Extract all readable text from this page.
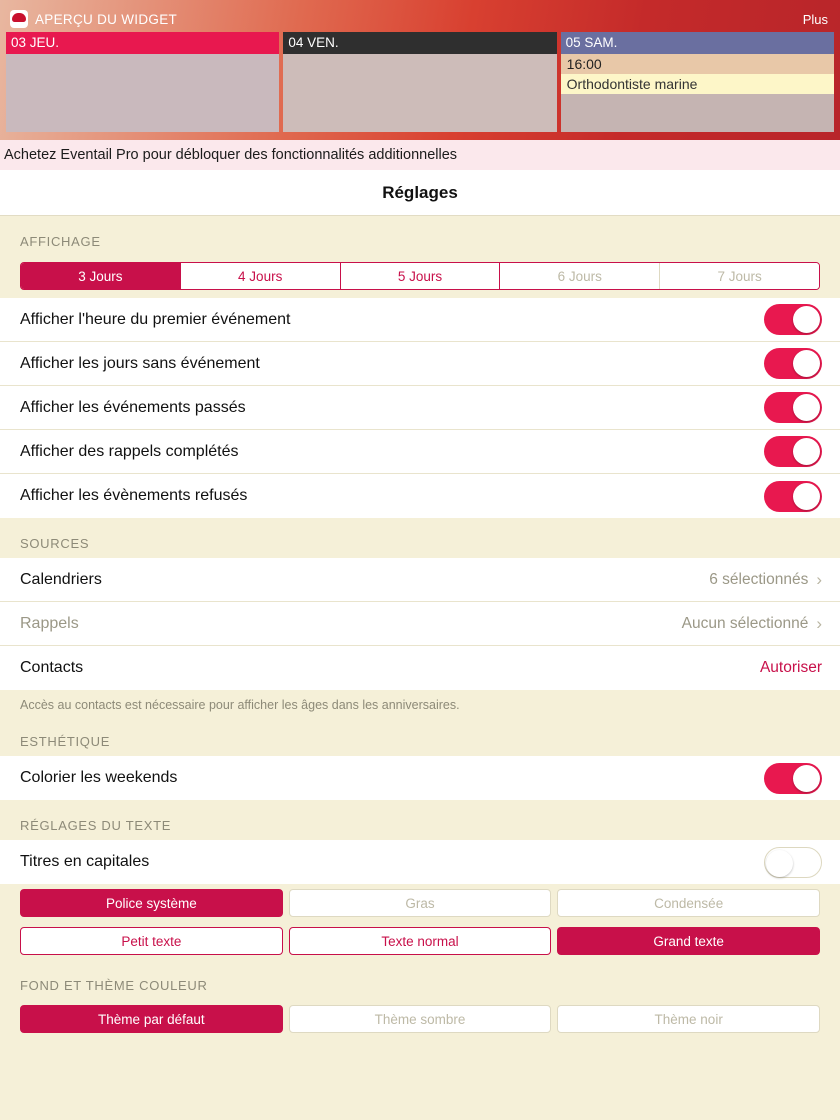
APERÇU DU WIDGET	Plus
03 JEU.	04 VEN.	05 SAM.
16:00
Orthodontiste marine
Achetez Eventail Pro pour débloquer des fonctionnalités additionnelles
Réglages
AFFICHAGE
3 Jours	4 Jours	5 Jours	6 Jours	7 Jours
Afficher l'heure du premier événement
Afficher les jours sans événement
Afficher les événements passés
Afficher des rappels complétés
Afficher les évènements refusés
SOURCES
Calendriers	6 sélectionnés ›
Rappels	Aucun sélectionné ›
Contacts	Autoriser
Accès au contacts est nécessaire pour afficher les âges dans les anniversaires.
ESTHÉTIQUE
Colorier les weekends
RÉGLAGES DU TEXTE
Titres en capitales
Police système	Gras	Condensée
Petit texte	Texte normal	Grand texte
FOND ET THÈME COULEUR
Thème par défaut	Thème sombre	Thème noir
